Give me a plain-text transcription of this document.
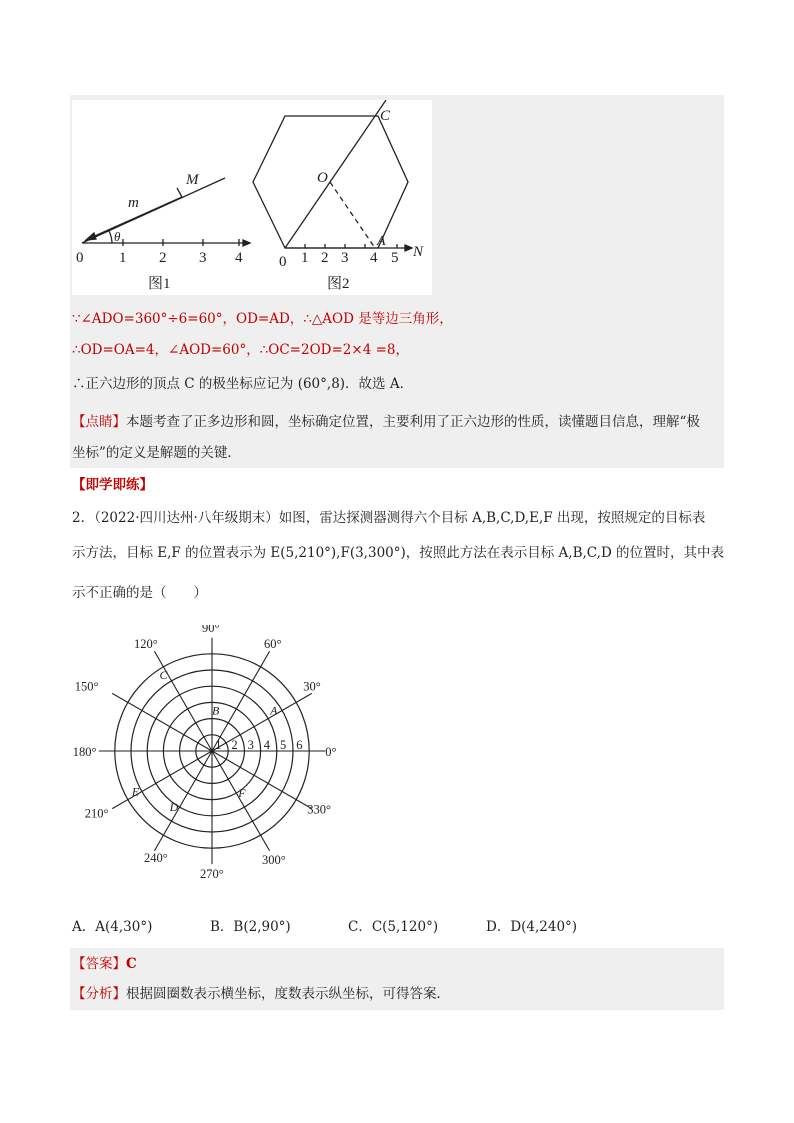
θ
m
M
0 1 2 3 4
图1
O
C
A
N
0 1 2 3 4 5
图2
∵∠ADO=360°÷6=60°，OD=AD，∴△AOD 是等边三角形，
∴OD=OA=4，∠AOD=60°，∴OC=2OD=2×4 =8，
∴正六边形的顶点 C 的极坐标应记为 (60°,8)．故选 A．
【点睛】本题考查了正多边形和圆，坐标确定位置，主要利用了正六边形的性质，读懂题目信息，理解“极
坐标”的定义是解题的关键．
【即学即练】
2．（2022·四川达州·八年级期末）如图，雷达探测器测得六个目标 A,B,C,D,E,F 出现，按照规定的目标表
示方法，目标 E,F 的位置表示为 E(5,210°),F(3,300°)，按照此方法在表示目标 A,B,C,D 的位置时，其中表
示不正确的是（　　）
0°
30°
60°
90°
120°
150°
180°
210°
240°
270°
300°
330°
1 2 3 4 5 6
A
B
C
D
E	F
A．A(4,30°)	B．B(2,90°)	C．C(5,120°)	D．D(4,240°)
【答案】C
【分析】根据圆圈数表示横坐标，度数表示纵坐标，可得答案．
